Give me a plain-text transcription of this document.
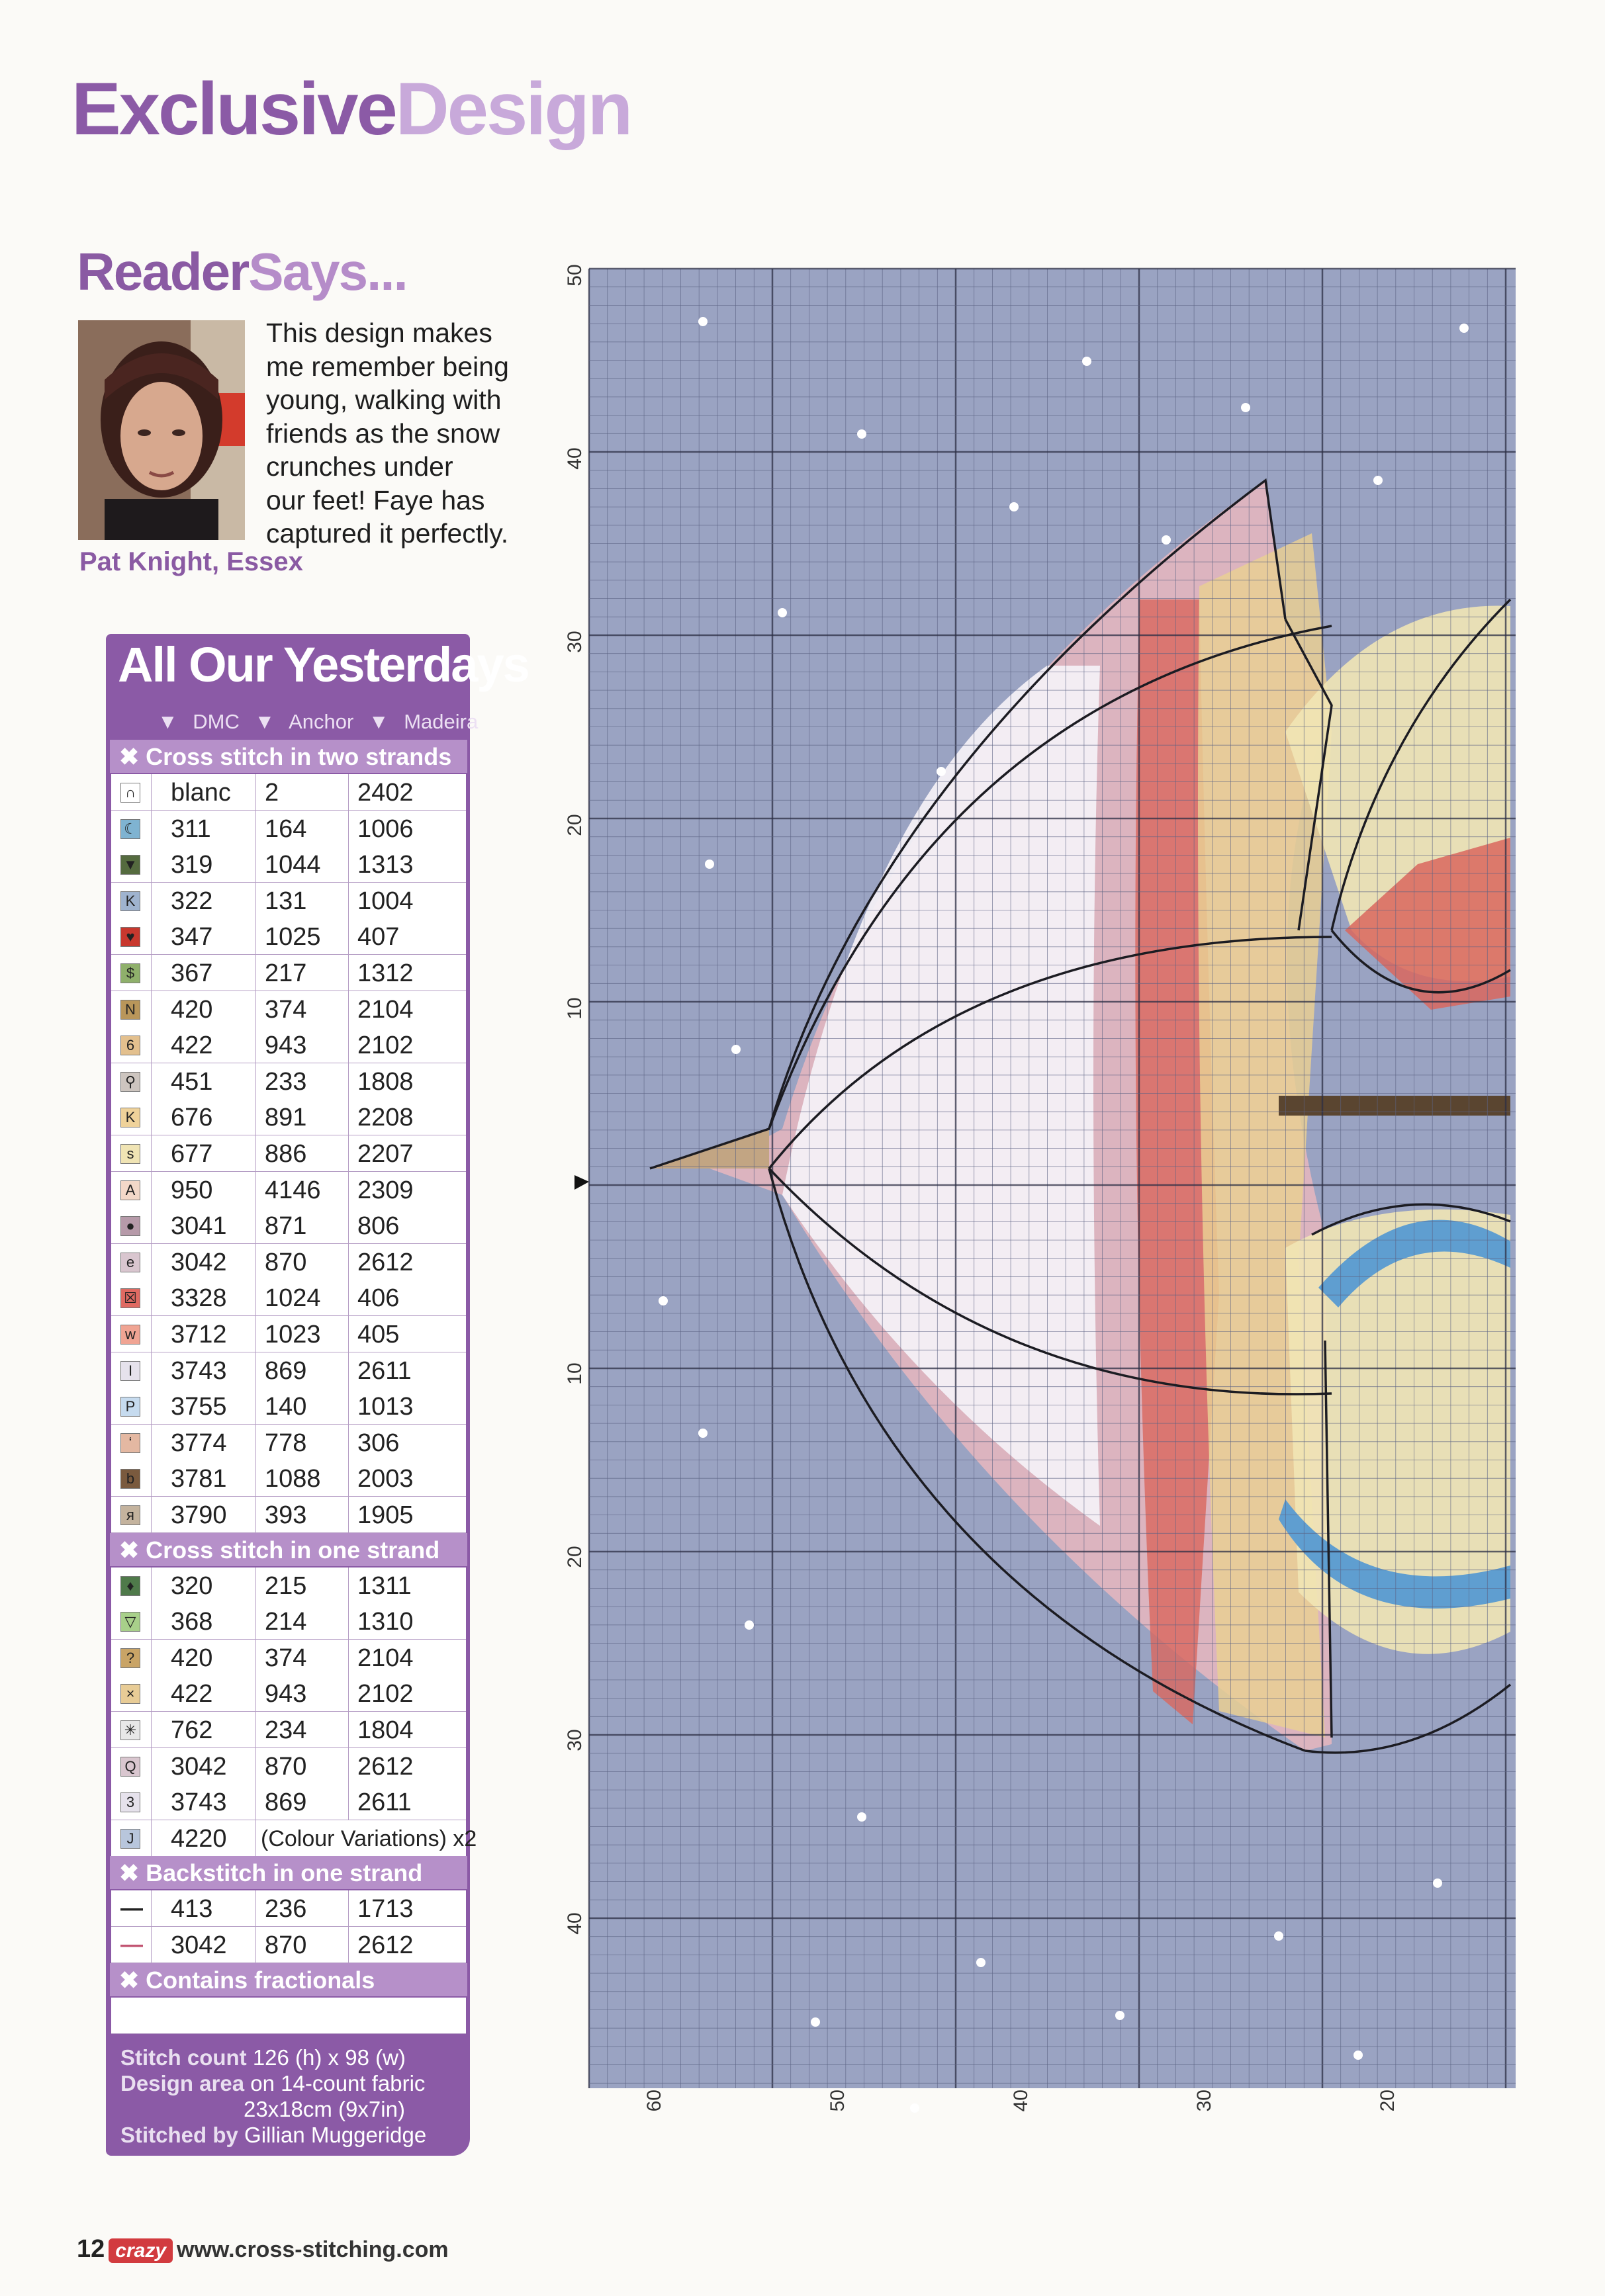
ExclusiveDesign
ReaderSays...
This design makes
me remember being
young, walking with
friends as the snow
crunches under
our feet! Faye has
captured it perfectly.
Pat Knight, Essex
All Our Yesterdays
▼ DMC ▼ Anchor ▼ Madeira
✖ Cross stitch in two strands
∩ blanc 2	2402
☾ 311 164 1006
▼ 319 1044 1313
K 322 131 1004
♥ 347 1025 407
$ 367 217 1312
N 420 374 2104
6 422 943 2102
⚲ 451 233 1808
K 676 891 2208
s 677 886 2207
A 950 4146 2309
● 3041 871 806
e 3042 870 2612
☒ 3328 1024 406
w 3712 1023 405
I	3743 869 2611
P 3755 140 1013
ʻ	3774 778 306
b 3781 1088 2003
я 3790 393 1905
✖ Cross stitch in one strand
♦ 320 215 1311
▽ 368 214 1310
? 420 374 2104
× 422 943 2102
✳ 762 234 1804
Q 3042 870 2612
3 3743 869 2611
J 4220 (Colour Variations) x2
✖ Backstitch in one strand
— 413 236 1713
— 3042 870 2612
✖ Contains fractionals
Stitch count 126 (h) x 98 (w)
Design area on 14-count fabric
23x18cm (9x7in)
Stitched by Gillian Muggeridge
50
40
30
20
10
10
20
30
40
60	50	40	30	20
12 crazy www.cross-stitching.com
